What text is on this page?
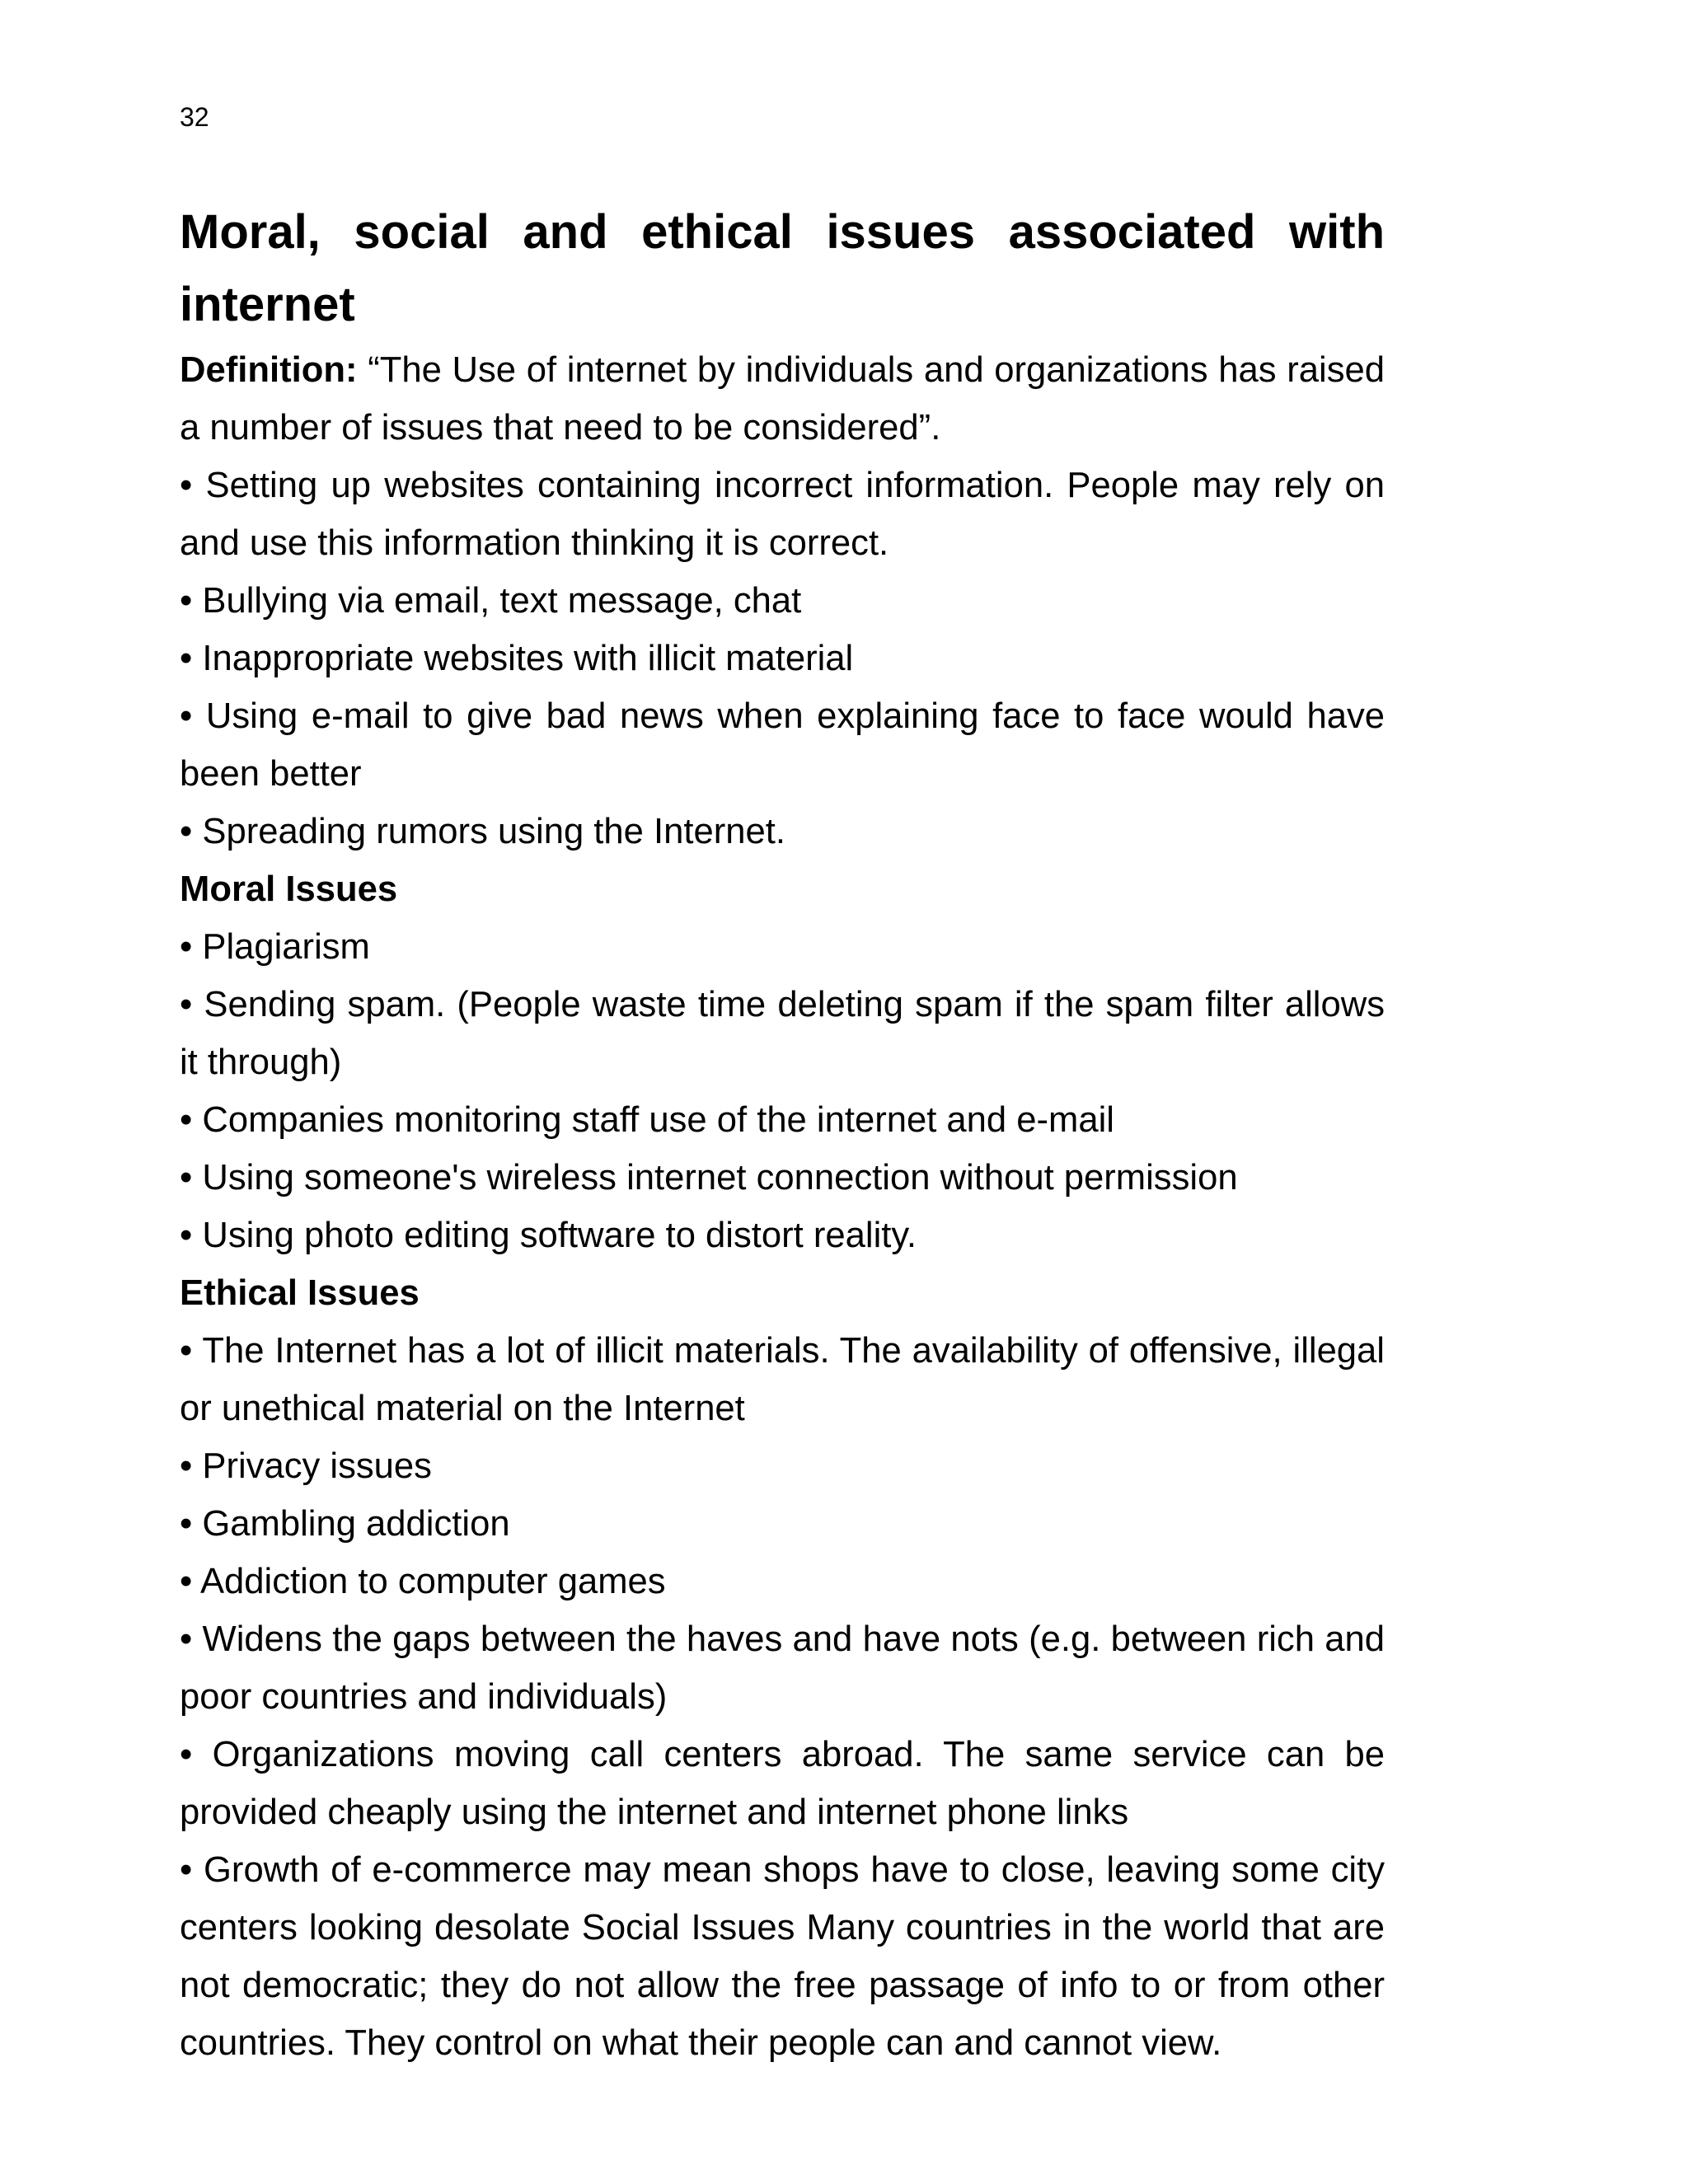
32
Moral, social and ethical issues associated with internet

Definition: “The Use of internet by individuals and organizations has raised a number of issues that need to be considered”.

• Setting up websites containing incorrect information. People may rely on and use this information thinking it is correct.

• Bullying via email, text message, chat

• Inappropriate websites with illicit material

• Using e-mail to give bad news when explaining face to face would have been better

• Spreading rumors using the Internet.

Moral Issues

• Plagiarism

• Sending spam. (People waste time deleting spam if the spam filter allows it through)

• Companies monitoring staff use of the internet and e-mail

• Using someone's wireless internet connection without permission

• Using photo editing software to distort reality.

Ethical Issues

• The Internet has a lot of illicit materials. The availability of offensive, illegal or unethical material on the Internet

• Privacy issues

• Gambling addiction

• Addiction to computer games

• Widens the gaps between the haves and have nots (e.g. between rich and poor countries and individuals)

• Organizations moving call centers abroad. The same service can be provided cheaply using the internet and internet phone links

• Growth of e-commerce may mean shops have to close, leaving some city centers looking desolate Social Issues Many countries in the world that are not democratic; they do not allow the free passage of info to or from other countries. They control on what their people can and cannot view.
